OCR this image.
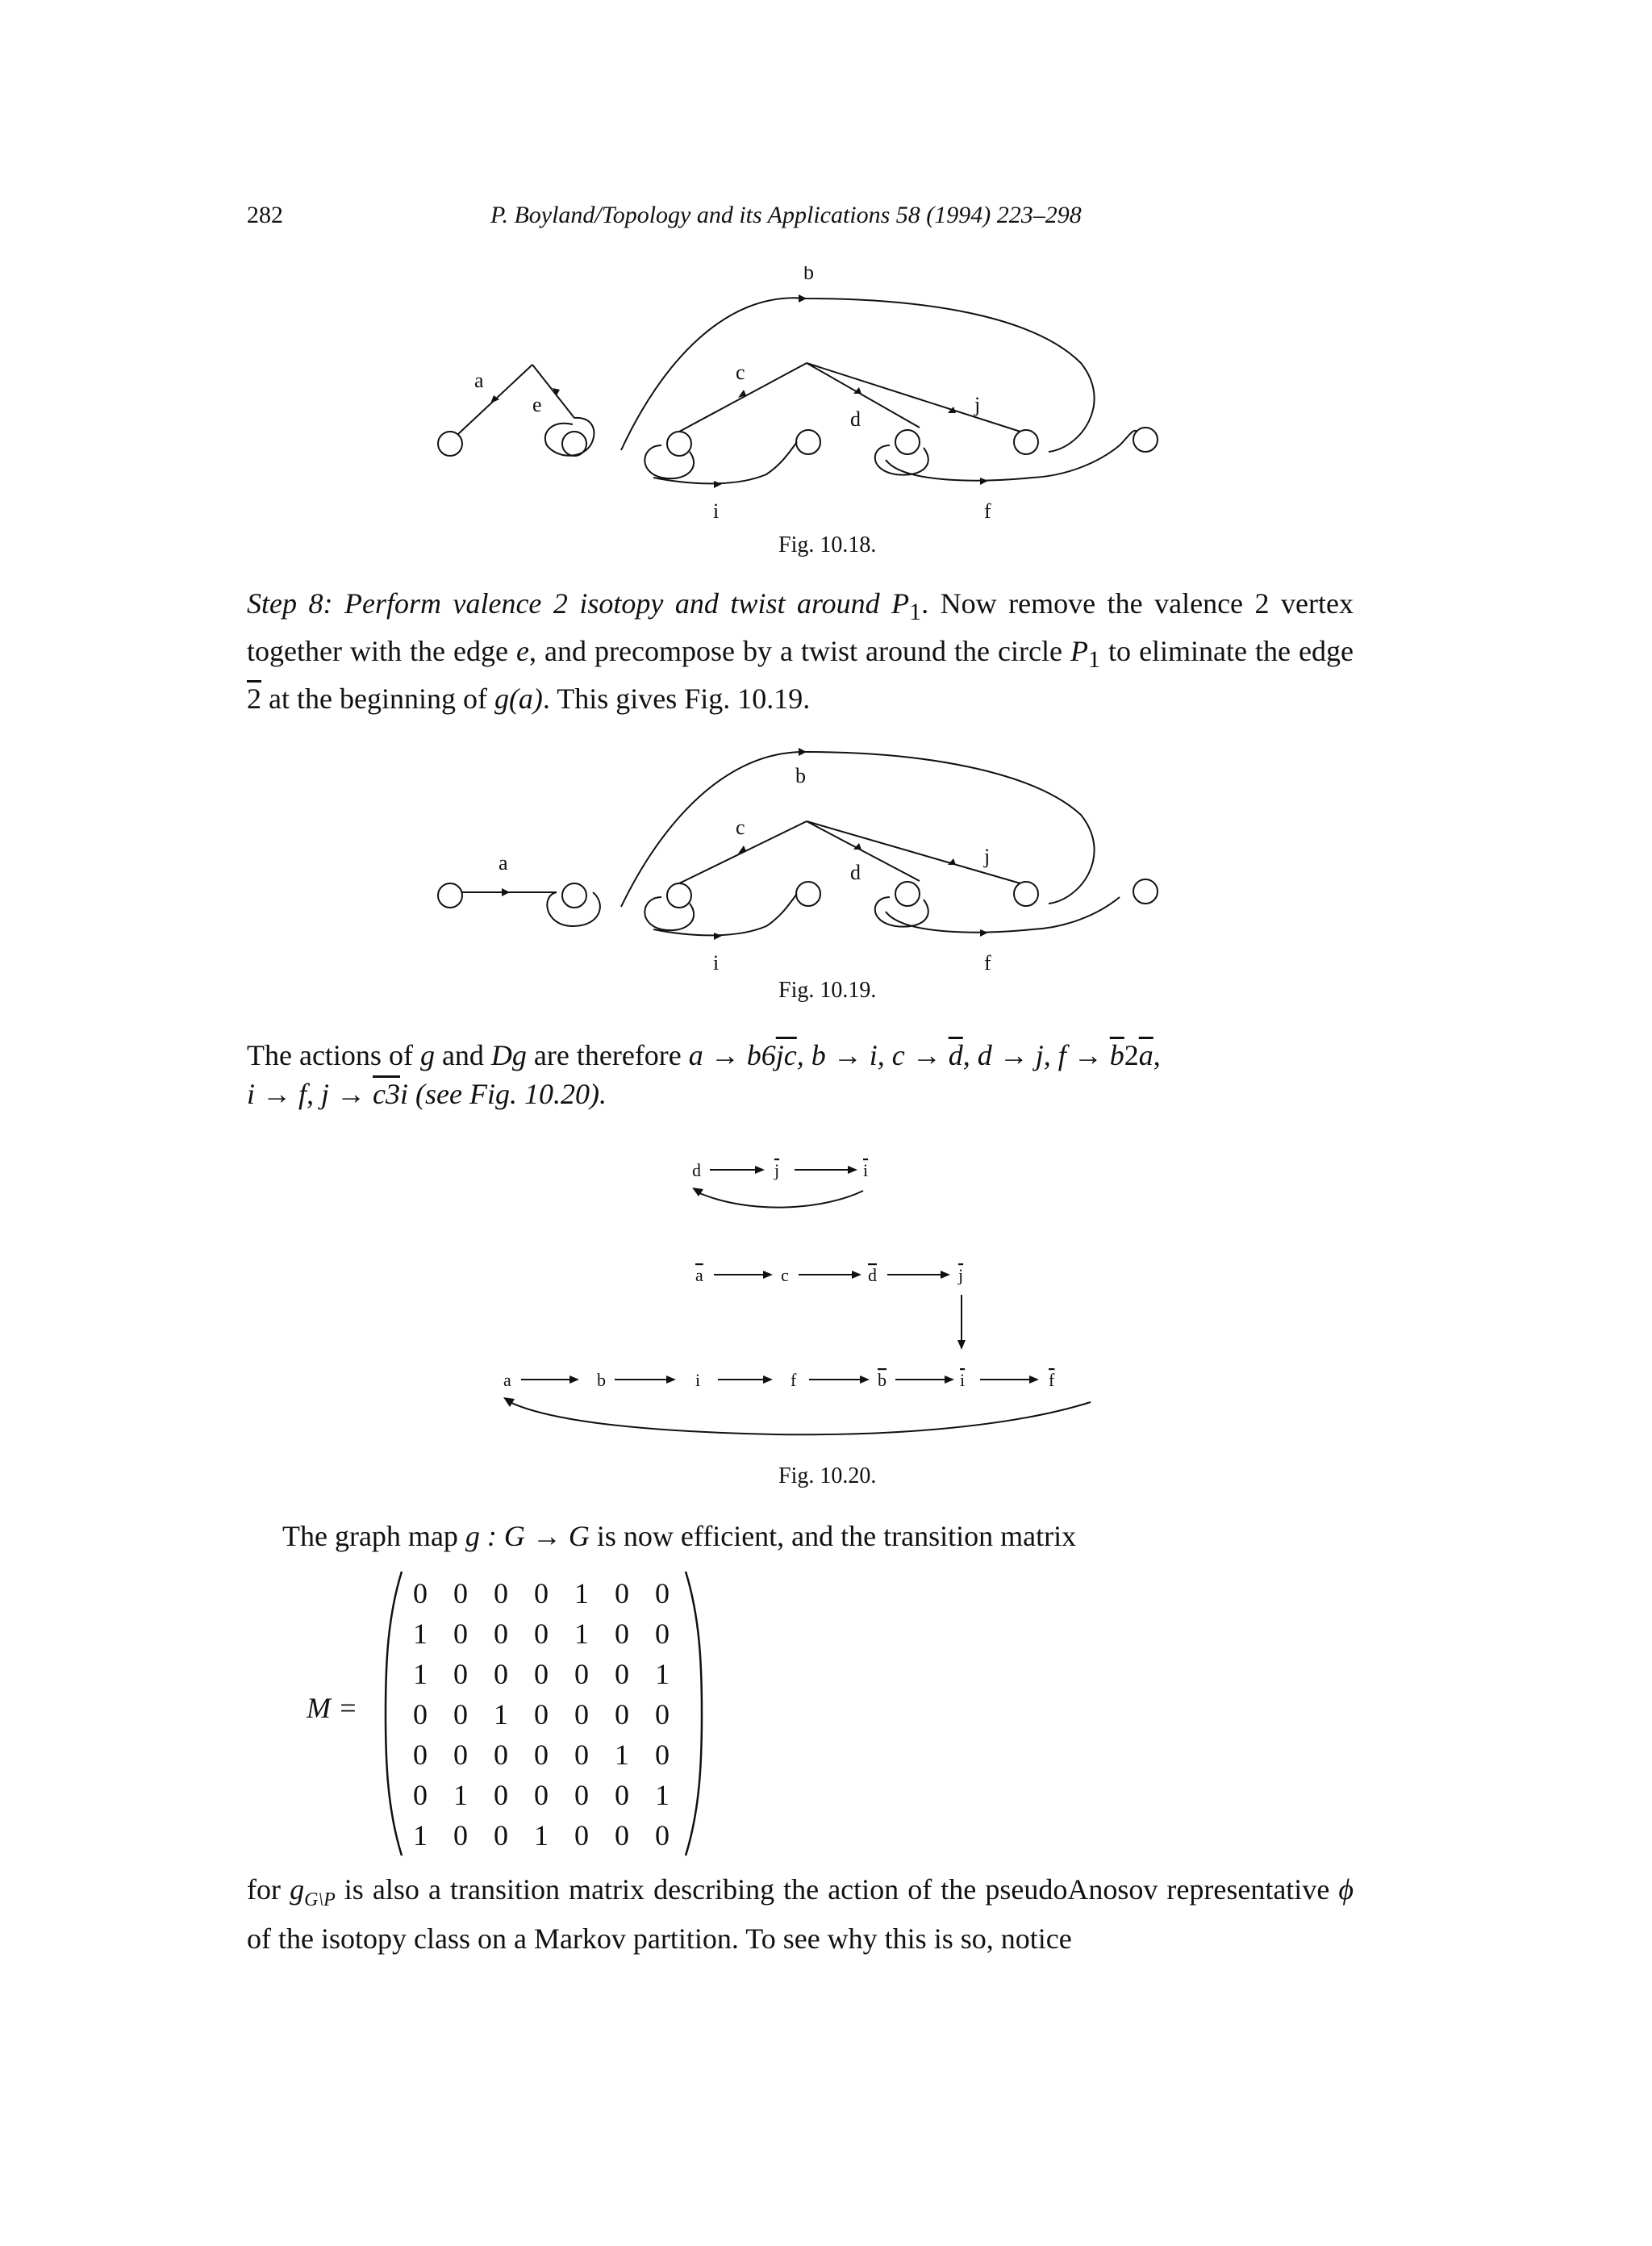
282	P. Boyland/Topology and its Applications 58 (1994) 223–298
a
e
b
c
d
j
i	f
Fig. 10.18.
Step 8: Perform valence 2 isotopy and twist around $P_1$. Now remove the valence 2 vertex together with the edge e, and precompose by a twist around the circle $P_1$ to eliminate the edge 2 at the beginning of g(a). This gives Fig. 10.19.
a
b
c
d
j
i	f
Fig. 10.19.
The actions of g and Dg are therefore $a \to b6\overline{jc}$, b → i, $c \to \overline{d}$, d → j, $f \to \overline{b}2\overline{a}$,
i → f, j → c3i (see Fig. 10.20).
d	j	i
a	c	d	j
a	b	i	f	b	i	f
Fig. 10.20.
The graph map g : G → G is now efficient, and the transition matrix
M =
0 0 0 0 1 0 0
1 0 0 0 1 0 0
1 0 0 0 0 0 1
0 0 1 0 0 0 0
0 0 0 0 0 1 0
0 1 0 0 0 0 1
1 0 0 1 0 0 0
for $g_{G\backslash P}$ is also a transition matrix describing the action of the pseudoAnosov representative ϕ of the isotopy class on a Markov partition. To see why this is so, notice
